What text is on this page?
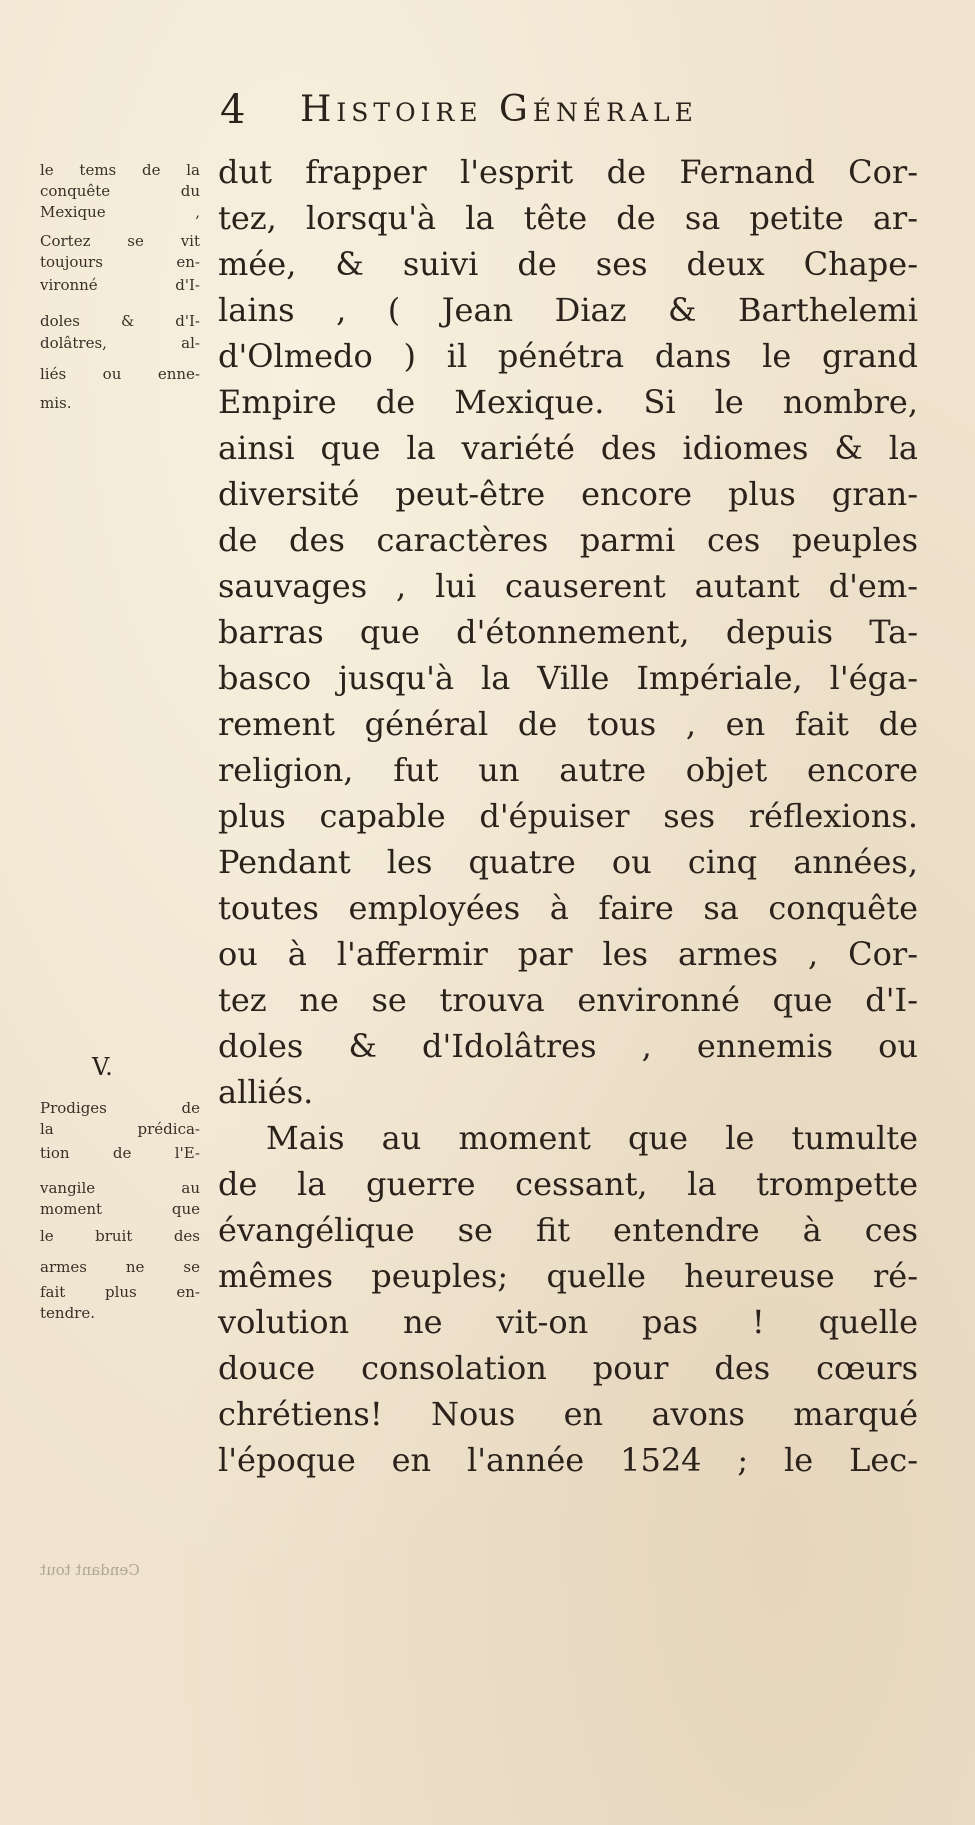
4 Histoire Générale
le tems de la
conquête du
Mexique ,
Cortez se vit
toujours en-
vironné d'I-
doles & d'I-
dolâtres, al-
liés ou enne-
mis.
V.
Prodiges de
la prédica-
tion de l'E-
vangile au
moment que
le bruit des
armes ne se
fait plus en-
tendre.
dut frapper l'esprit de Fernand Cor-
tez, lorsqu'à la tête de sa petite ar-
mée, & suivi de ses deux Chape-
lains , ( Jean Diaz & Barthelemi
d'Olmedo ) il pénétra dans le grand
Empire de Mexique. Si le nombre,
ainsi que la variété des idiomes & la
diversité peut-être encore plus gran-
de des caractères parmi ces peuples
sauvages , lui causerent autant d'em-
barras que d'étonnement, depuis Ta-
basco jusqu'à la Ville Impériale, l'éga-
rement général de tous , en fait de
religion, fut un autre objet encore
plus capable d'épuiser ses réflexions.
Pendant les quatre ou cinq années,
toutes employées à faire sa conquête
ou à l'affermir par les armes , Cor-
tez ne se trouva environné que d'I-
doles & d'Idolâtres , ennemis ou
alliés.
Mais au moment que le tumulte
de la guerre cessant, la trompette
évangélique se fit entendre à ces
mêmes peuples; quelle heureuse ré-
volution ne vit-on pas ! quelle
douce consolation pour des cœurs
chrétiens! Nous en avons marqué
l'époque en l'année 1524 ; le Lec-
Cendant tout
